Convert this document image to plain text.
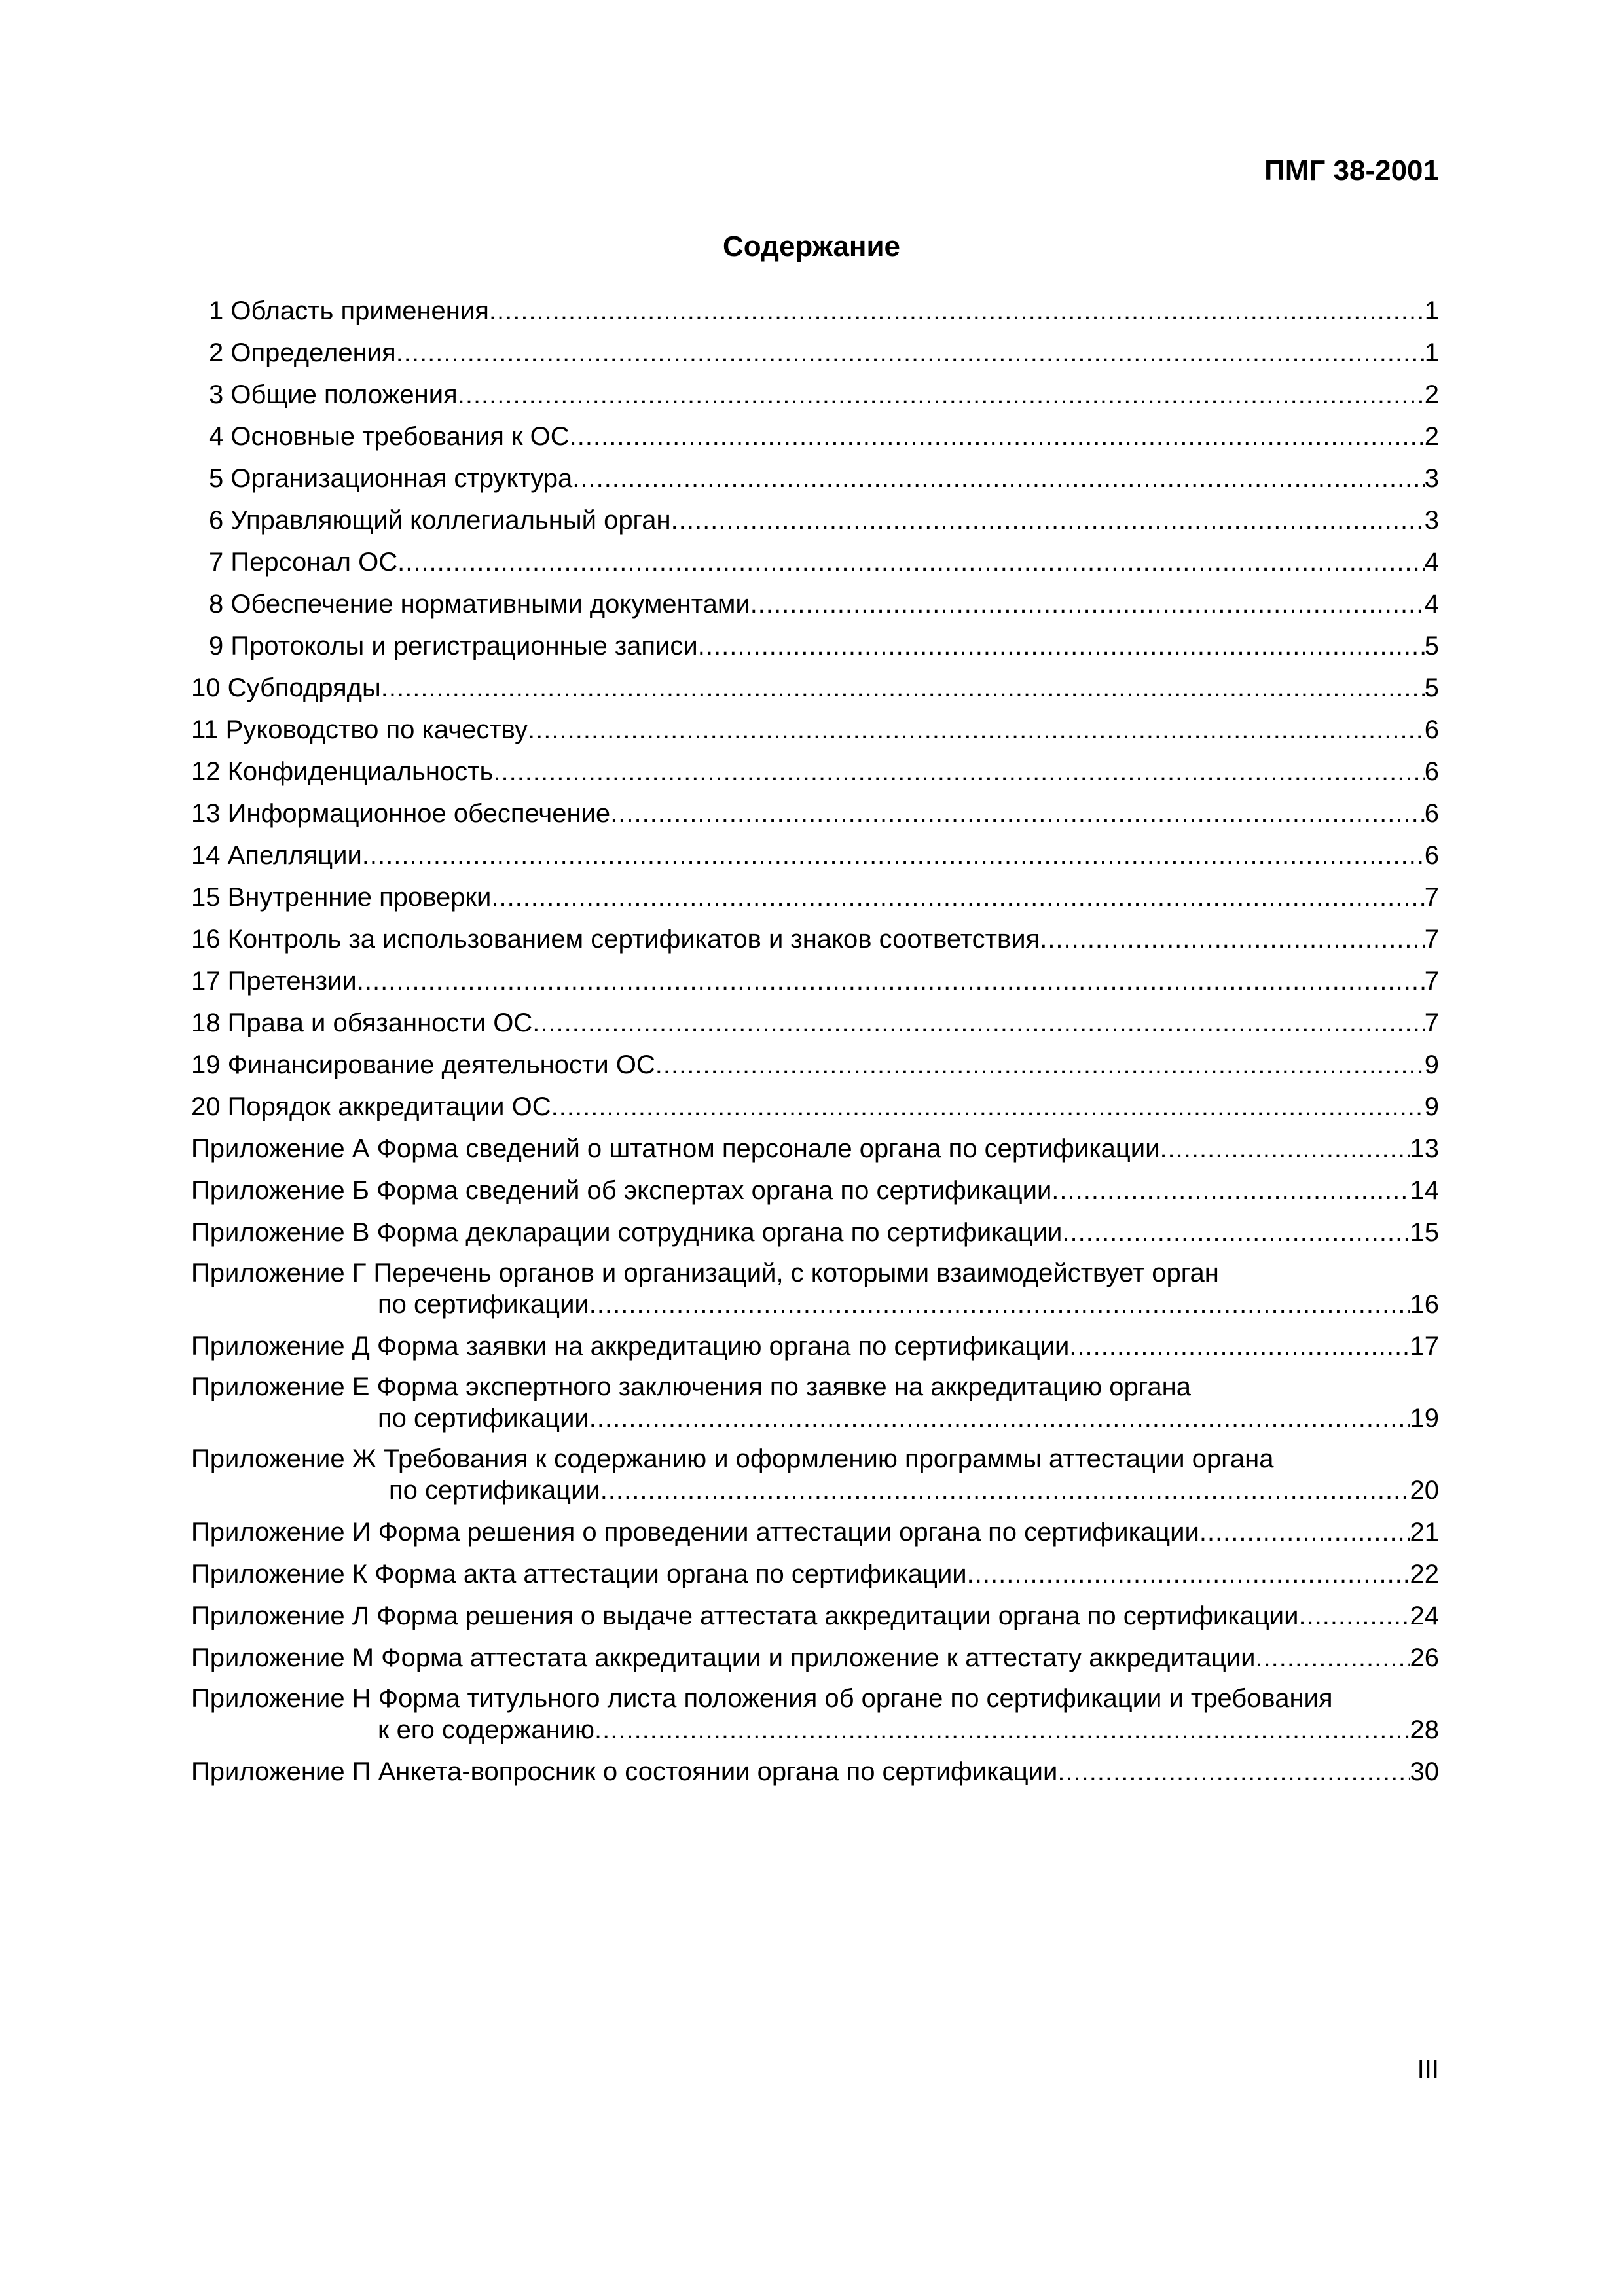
ПМГ 38-2001
Содержание
1 Область применения .....	1
2 Определения .....	1
3 Общие положения .....	2
4 Основные требования к ОС .....	2
5 Организационная структура .....	3
6 Управляющий коллегиальный орган .....	3
7 Персонал ОС .....	4
8 Обеспечение нормативными документами .....	4
9 Протоколы и регистрационные записи .....	5
10 Субподряды .....	5
11 Руководство по качеству .....	6
12 Конфиденциальность .....	6
13 Информационное обеспечение .....	6
14 Апелляции .....	6
15 Внутренние проверки .....	7
16 Контроль за использованием сертификатов и знаков соответствия .....	7
17 Претензии .....	7
18 Права и обязанности ОС .....	7
19 Финансирование деятельности ОС .....	9
20 Порядок аккредитации ОС .....	9
Приложение А Форма сведений о штатном персонале органа по сертификации .....	13
Приложение Б Форма сведений об экспертах органа по сертификации .....	14
Приложение В Форма декларации сотрудника органа по сертификации .....	15
Приложение Г Перечень органов и организаций, с которыми взаимодействует орган
по сертификации .....	16
Приложение Д Форма заявки на аккредитацию органа по сертификации .....	17
Приложение Е Форма экспертного заключения по заявке на аккредитацию органа
по сертификации .....	19
Приложение Ж Требования к содержанию и оформлению программы аттестации органа
по сертификации .....	20
Приложение И Форма решения о проведении аттестации органа по сертификации .....	21
Приложение К Форма акта аттестации органа по сертификации .....	22
Приложение Л Форма решения о выдаче аттестата аккредитации органа по сертификации .....	24
Приложение М Форма аттестата аккредитации и приложение к аттестату аккредитации .....	26
Приложение Н Форма титульного листа положения об органе по сертификации и требования
к его содержанию .....	28
Приложение П Анкета-вопросник о состоянии органа по сертификации .....	30
III
